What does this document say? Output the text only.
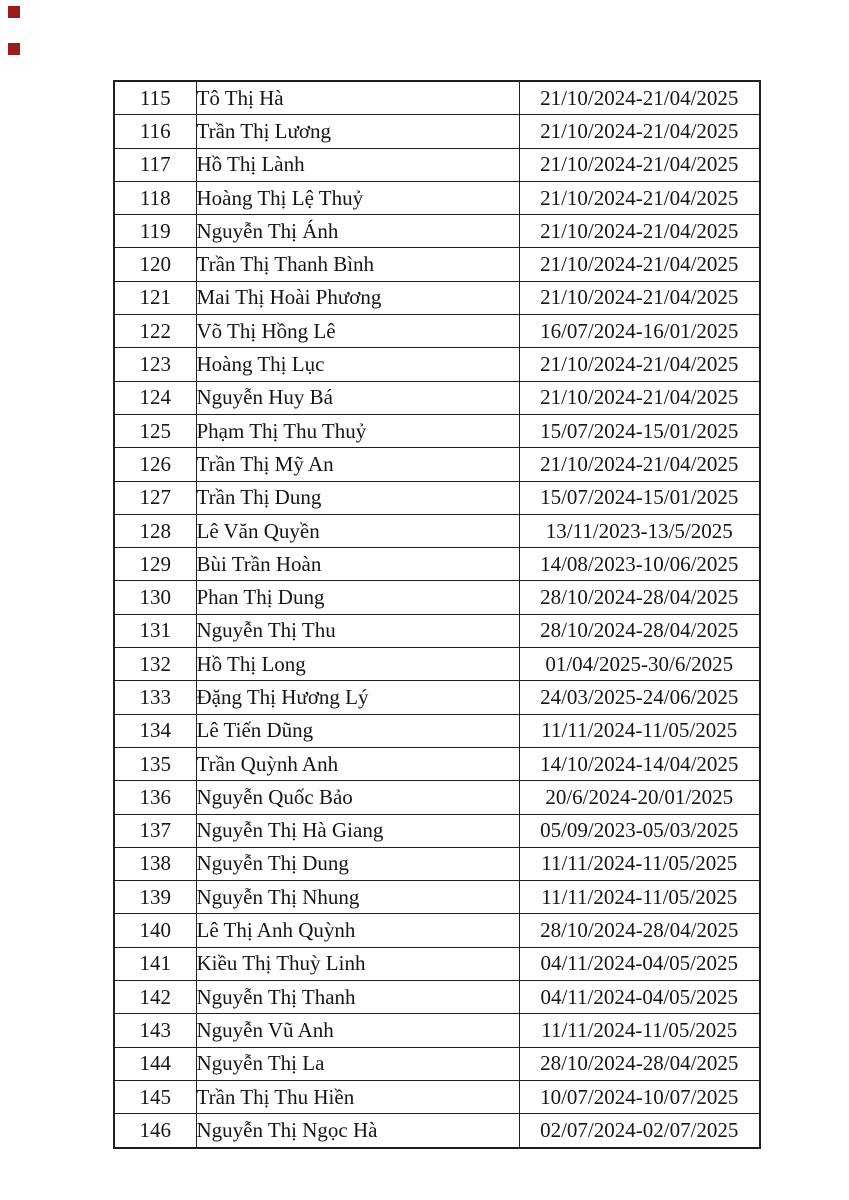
115	Tô Thị Hà	21/10/2024-21/04/2025
116	Trần Thị Lương	21/10/2024-21/04/2025
117	Hồ Thị Lành	21/10/2024-21/04/2025
118	Hoàng Thị Lệ Thuỷ	21/10/2024-21/04/2025
119	Nguyễn Thị Ánh	21/10/2024-21/04/2025
120	Trần Thị Thanh Bình	21/10/2024-21/04/2025
121	Mai Thị Hoài Phương	21/10/2024-21/04/2025
122	Võ Thị Hồng Lê	16/07/2024-16/01/2025
123	Hoàng Thị Lục	21/10/2024-21/04/2025
124	Nguyễn Huy Bá	21/10/2024-21/04/2025
125	Phạm Thị Thu Thuỷ	15/07/2024-15/01/2025
126	Trần Thị Mỹ An	21/10/2024-21/04/2025
127	Trần Thị Dung	15/07/2024-15/01/2025
128	Lê Văn Quyền	13/11/2023-13/5/2025
129	Bùi Trần Hoàn	14/08/2023-10/06/2025
130	Phan Thị Dung	28/10/2024-28/04/2025
131	Nguyễn Thị Thu	28/10/2024-28/04/2025
132	Hồ Thị Long	01/04/2025-30/6/2025
133	Đặng Thị Hương Lý	24/03/2025-24/06/2025
134	Lê Tiến Dũng	11/11/2024-11/05/2025
135	Trần Quỳnh Anh	14/10/2024-14/04/2025
136	Nguyễn Quốc Bảo	20/6/2024-20/01/2025
137	Nguyễn Thị Hà Giang	05/09/2023-05/03/2025
138	Nguyễn Thị Dung	11/11/2024-11/05/2025
139	Nguyễn Thị Nhung	11/11/2024-11/05/2025
140	Lê Thị Anh Quỳnh	28/10/2024-28/04/2025
141	Kiều Thị Thuỳ Linh	04/11/2024-04/05/2025
142	Nguyễn Thị Thanh	04/11/2024-04/05/2025
143	Nguyễn Vũ Anh	11/11/2024-11/05/2025
144	Nguyễn Thị La	28/10/2024-28/04/2025
145	Trần Thị Thu Hiền	10/07/2024-10/07/2025
146	Nguyễn Thị Ngọc Hà	02/07/2024-02/07/2025
